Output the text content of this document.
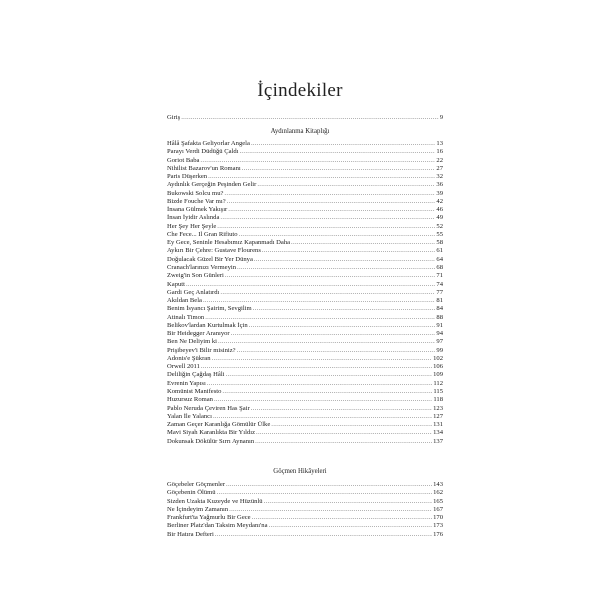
İçindekiler
Giriş .....	9
Aydınlanma Kitaplığı
Hâlâ Şafakta Geliyorlar Angela .....	13
Parayı Verdi Düdüğü Çaldı .....	16
Goriot Baba .....	22
Nihilist Bazarov'un Romanı .....	27
Paris Düşerken .....	32
Aydınlık Gerçeğin Peşinden Gelir .....	36
Bukowski Solcu mu? .....	39
Bizde Fouche Var mı? .....	42
İnsana Gülmek Yakışır .....	46
İnsan İyidir Aslında .....	49
Her Şey Her Şeyle .....	52
Che Fece... Il Gran Rifiuto .....	55
Ey Gece, Seninle Hesabımız Kapanmadı Daha .....	58
Aykırı Bir Çehre: Gustave Flourens .....	61
Doğulacak Güzel Bir Yer Dünya .....	64
Cranach'larınızı Vermeyin .....	68
Zweig'in Son Günleri .....	71
Kaputt .....	74
Gardi Geç Anlatırdı .....	77
Akıldan Bela .....	81
Benim İsyancı Şairim, Sevgilim .....	84
Atinalı Timon .....	88
Belikov'lardan Kurtulmak İçin .....	91
Bir Heidegger Aranıyor .....	94
Ben Ne Deliyim ki .....	97
Prişibeyev'i Bilir misiniz? .....	99
Adonis'e Şükran .....	102
Orwell 2011 .....	106
Deliliğin Çağdaş Hâli .....	109
Evrenin Yapısı .....	112
Komünist Manifesto .....	115
Huzursuz Roman .....	118
Pablo Neruda Çeviren Has Şair .....	123
Yalan İle Yalancı .....	127
Zaman Geçer Karanlığa Gömülür Ülke .....	131
Mavi Siyah Karanlıkta Bir Yıldız .....	134
Dokunsak Dökülür Sırrı Aynanın .....	137
Göçmen Hikâyeleri
Göçebeler Göçmenler .....	143
Göçebenin Ölümü .....	162
Sizden Uzakta Kuzeyde ve Hüzünlü .....	165
Ne İçindeyim Zamanın .....	167
Frankfurt'ta Yağmurlu Bir Gece .....	170
Berliner Platz'dan Taksim Meydanı'na .....	173
Bir Hatıra Defteri .....	176
